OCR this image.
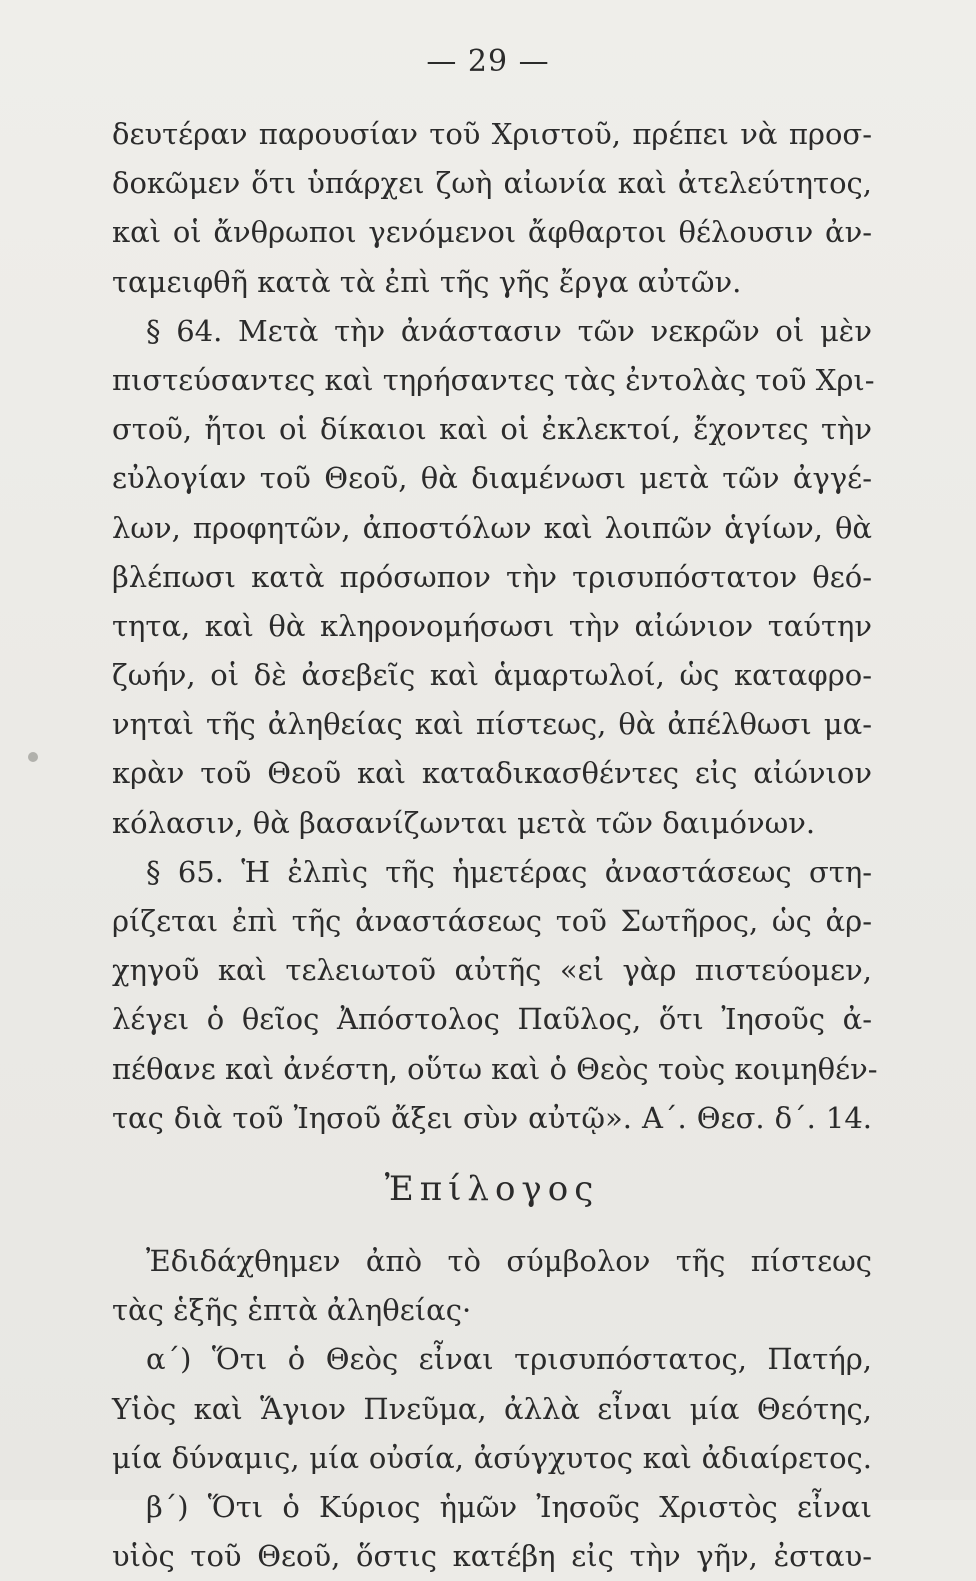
— 29 —
δευτέραν παρουσίαν τοῦ Χριστοῦ, πρέπει νὰ προσ-
δοκῶμεν ὅτι ὑπάρχει ζωὴ αἰωνία καὶ ἀτελεύτητος,
καὶ οἱ ἄνθρωποι γενόμενοι ἄφθαρτοι θέλουσιν ἀν-
ταμειφθῆ κατὰ τὰ ἐπὶ τῆς γῆς ἔργα αὐτῶν.
§ 64. Μετὰ τὴν ἀνάστασιν τῶν νεκρῶν οἱ μὲν
πιστεύσαντες καὶ τηρήσαντες τὰς ἐντολὰς τοῦ Χρι-
στοῦ, ἤτοι οἱ δίκαιοι καὶ οἱ ἐκλεκτοί, ἔχοντες τὴν
εὐλογίαν τοῦ Θεοῦ, θὰ διαμένωσι μετὰ τῶν ἀγγέ-
λων, προφητῶν, ἀποστόλων καὶ λοιπῶν ἁγίων, θὰ
βλέπωσι κατὰ πρόσωπον τὴν τρισυπόστατον θεό-
τητα, καὶ θὰ κληρονομήσωσι τὴν αἰώνιον ταύτην
ζωήν, οἱ δὲ ἀσεβεῖς καὶ ἁμαρτωλοί, ὡς καταφρο-
νηταὶ τῆς ἀληθείας καὶ πίστεως, θὰ ἀπέλθωσι μα-
κρὰν τοῦ Θεοῦ καὶ καταδικασθέντες εἰς αἰώνιον
κόλασιν, θὰ βασανίζωνται μετὰ τῶν δαιμόνων.
§ 65. Ἡ ἐλπὶς τῆς ἡμετέρας ἀναστάσεως στη-
ρίζεται ἐπὶ τῆς ἀναστάσεως τοῦ Σωτῆρος, ὡς ἀρ-
χηγοῦ καὶ τελειωτοῦ αὐτῆς «εἰ γὰρ πιστεύομεν,
λέγει ὁ θεῖος Ἀπόστολος Παῦλος, ὅτι Ἰησοῦς ἀ-
πέθανε καὶ ἀνέστη, οὕτω καὶ ὁ Θεὸς τοὺς κοιμηθέν-
τας διὰ τοῦ Ἰησοῦ ἄξει σὺν αὐτῷ». Α΄. Θεσ. δ΄. 14.
Ἐπίλογος
Ἐδιδάχθημεν ἀπὸ τὸ σύμβολον τῆς πίστεως
τὰς ἑξῆς ἑπτὰ ἀληθείας·
α΄) Ὅτι ὁ Θεὸς εἶναι τρισυπόστατος, Πατήρ,
Υἱὸς καὶ Ἅγιον Πνεῦμα, ἀλλὰ εἶναι μία Θεότης,
μία δύναμις, μία οὐσία, ἀσύγχυτος καὶ ἀδιαίρετος.
β΄) Ὅτι ὁ Κύριος ἡμῶν Ἰησοῦς Χριστὸς εἶναι
υἱὸς τοῦ Θεοῦ, ὅστις κατέβη εἰς τὴν γῆν, ἐσταυ-
